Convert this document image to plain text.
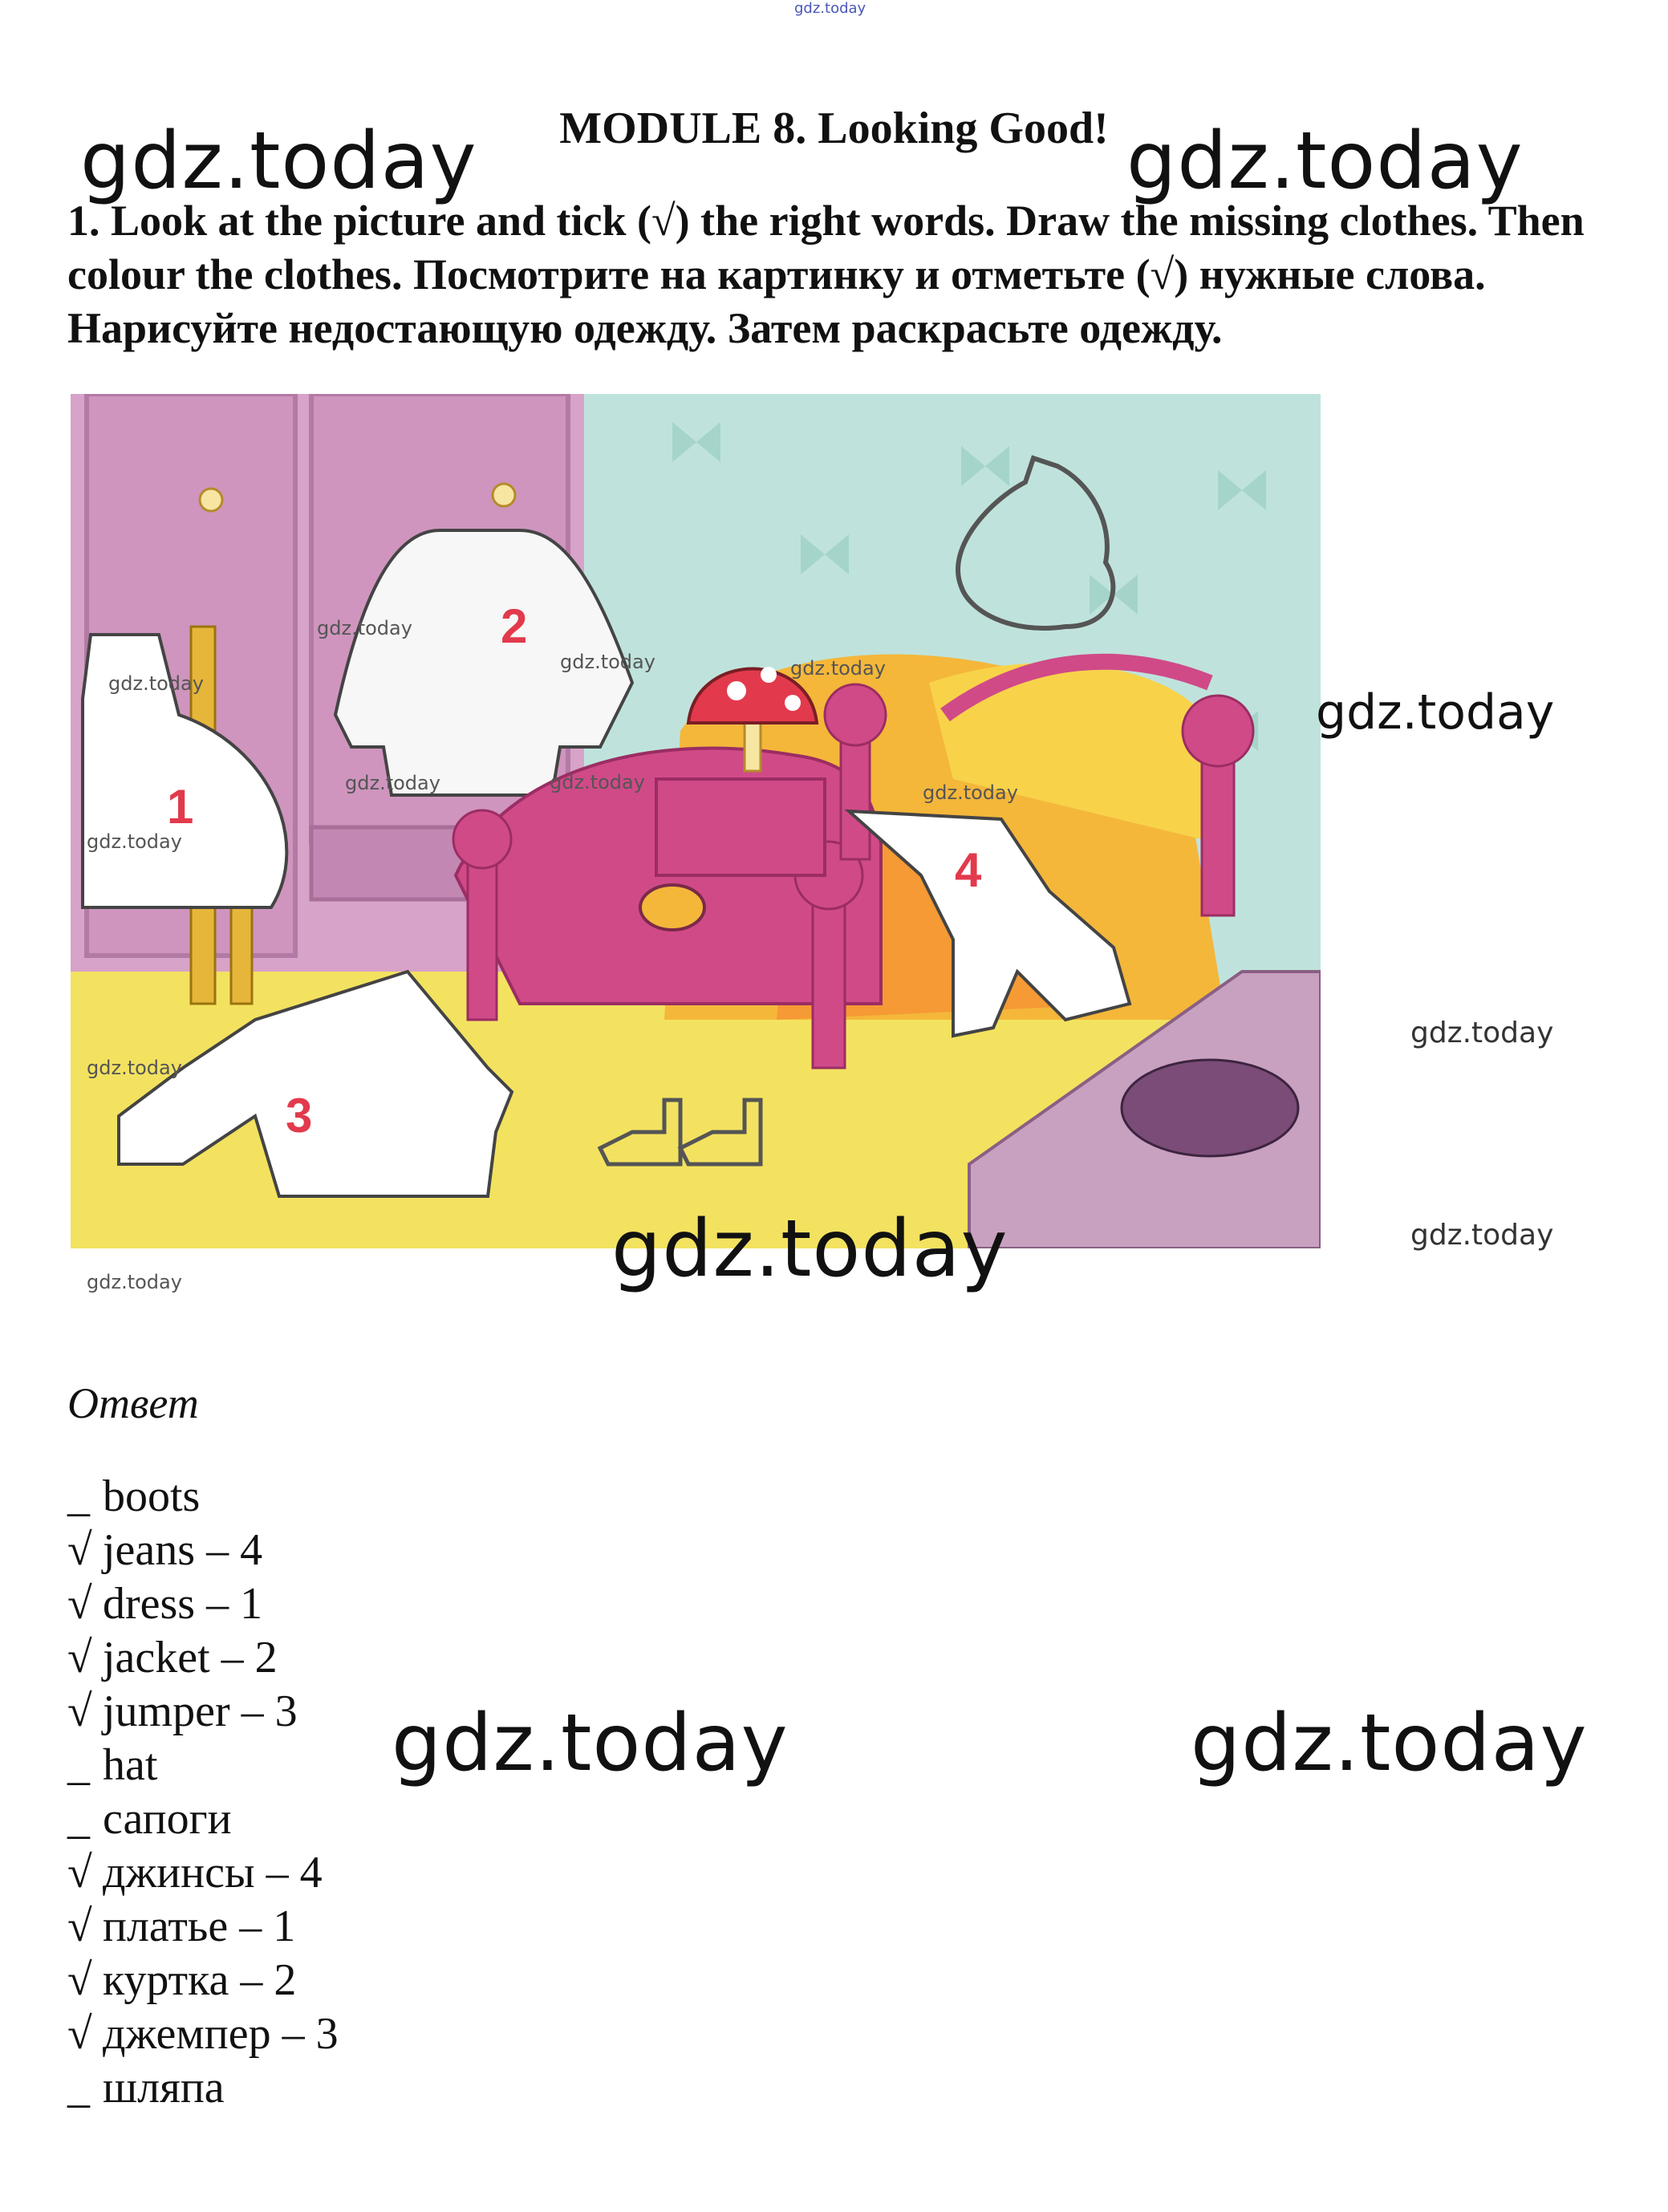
gdz.today
gdz.today	gdz.today
MODULE 8. Looking Good!
1. Look at the picture and tick (√) the right words. Draw the missing clothes. Then colour the clothes. Посмотрите на картинку и отметьте (√) нужные слова. Нарисуйте недостающую одежду. Затем раскрасьте одежду.
1
2
3
4
gdz.today
gdz.today
gdz.today	gdz.today
gdz.today	gdz.today	gdz.today
gdz.today
gdz.today
gdz.today
gdz.today
gdz.today
gdz.today	gdz.today
Ответ
_ boots
√ jeans – 4
√ dress – 1
√ jacket – 2
√ jumper – 3
_ hat
_ сапоги
√ джинсы – 4
√ платье – 1
√ куртка – 2
√ джемпер – 3
_ шляпа
gdz.today	gdz.today
